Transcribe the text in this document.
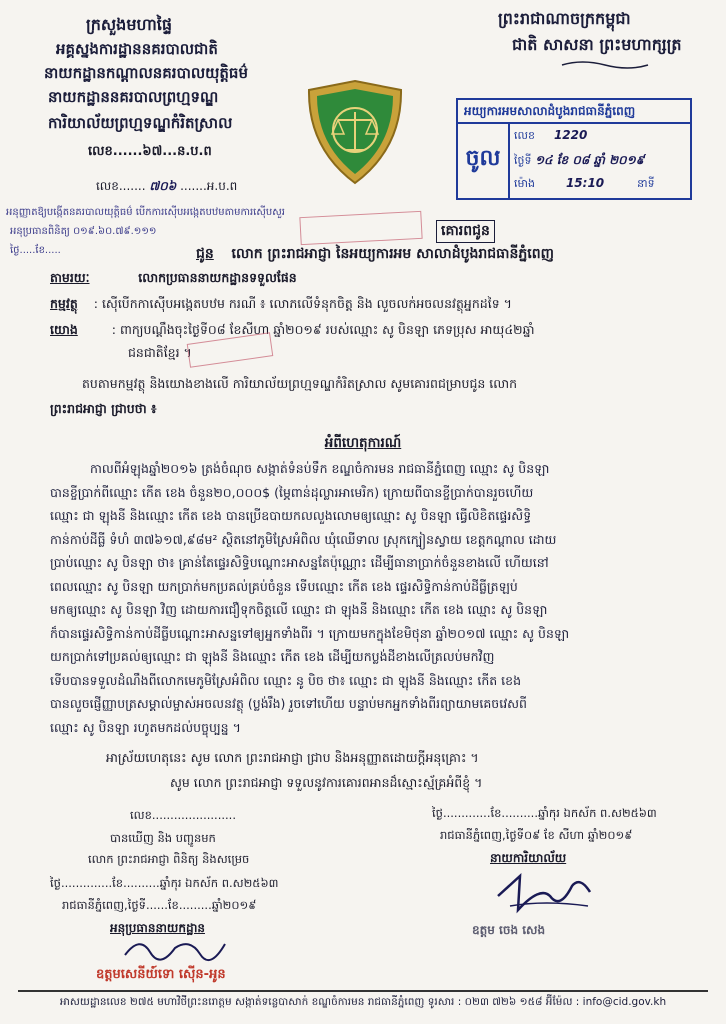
ក្រសួងមហាផ្ទៃ
អគ្គស្នងការដ្ឋាននគរបាលជាតិ
នាយកដ្ឋានកណ្តាលនគរបាលយុត្តិធម៌
នាយកដ្ឋាននគរបាលព្រហ្មទណ្ឌ
ការិយាល័យព្រហ្មទណ្ឌកំរិតស្រាល
លេខ......៦៧...ន.ប.ព
ព្រះរាជាណាចក្រកម្ពុជា
ជាតិ សាសនា ព្រះមហាក្សត្រ
អយ្យការអមសាលាដំបូងរាជធានីភ្នំពេញ
ចូល
លេខ 1220
ថ្ងៃទី ១៤ ខែ ០៨ ឆ្នាំ ២០១៩
ម៉ោង	15:10	នាទី
លេខ....... ៧០៦ .......អ.ប.ព
អនុញ្ញាតឱ្យបង្កើតនគរបាលយុត្តិធម៌ បើកការស៊ើបអង្កេតបឋមតាមការស៊ើបសួរ
អនុប្រធានពិនិត្យ ០១៩.៦០.៧៩.១១១
ថ្ងៃ.....ខែ.....
គោរពជូន
ជូន លោក ព្រះរាជអាជ្ញា នៃអយ្យការអម សាលាដំបូងរាជធានីភ្នំពេញ
តាមរយៈ	លោកប្រធាននាយកដ្ឋានទទួលផែន
កម្មវត្ថុ : ស៊ើបើកកាស៊ើបអង្កេតបឋម ករណី ៖ លោភលើទំនុកចិត្ត និង លួចលក់អចលនវត្ថុអ្នកដទៃ ។
យោង	: ពាក្យបណ្តឹងចុះថ្ងៃទី០៨ ខែសីហា ឆ្នាំ២០១៩ របស់ឈ្មោះ សូ បិនឡា ភេទប្រុស អាយុ៤២ឆ្នាំ
ជនជាតិខ្មែរ ។
តបតាមកម្មវត្ថុ និងយោងខាងលើ ការិយាល័យព្រហ្មទណ្ឌកំរិតស្រាល សូមគោរពជម្រាបជូន លោក
ព្រះរាជអាជ្ញា ជ្រាបថា ៖
អំពីហេតុការណ៍
កាលពីអំឡុងឆ្នាំ២០១៦ ត្រង់ចំណុច សង្កាត់ទំនប់ទឹក ខណ្ឌចំការមន រាជធានីភ្នំពេញ ឈ្មោះ សូ បិនឡា
បានខ្ចីប្រាក់ពីឈ្មោះ កើត ខេង ចំនួន២០,០០០$ (ម្ភៃពាន់ដុល្លារអាមេរិក) ក្រោយពីបានខ្ចីប្រាក់បានរួចហើយ
ឈ្មោះ ជា ឡុងនី និងឈ្មោះ កើត ខេង បានប្រើឧបាយកលលួងលោមឲ្យឈ្មោះ សូ បិនឡា ធ្វើលិខិតផ្ទេរសិទ្ធិ
កាន់កាប់ដីធ្លី ទំហំ ៣៧៦១៧,៩៨ម² ស្ថិតនៅភូមិស្រែអំពិល ឃុំឈើទាល ស្រុកក្បៀនស្វាយ ខេត្តកណ្តាល ដោយ
ប្រាប់ឈ្មោះ សូ បិនឡា ថា៖ គ្រាន់តែផ្ទេរសិទ្ធិបណ្តោះអាសន្នតែប៉ុណ្ណោះ ដើម្បីធានាប្រាក់ចំនួនខាងលើ ហើយនៅ
ពេលឈ្មោះ សូ បិនឡា យកប្រាក់មកប្រគល់គ្រប់ចំនួន ទើបឈ្មោះ កើត ខេង ផ្ទេរសិទ្ធិកាន់កាប់ដីធ្លីត្រឡប់
មកឲ្យឈ្មោះ សូ បិនឡា វិញ ដោយការជឿទុកចិត្តលើ ឈ្មោះ ជា ឡុងនី និងឈ្មោះ កើត ខេង ឈ្មោះ សូ បិនឡា
ក៏បានផ្ទេរសិទ្ធិកាន់កាប់ដីធ្លីបណ្តោះអាសន្នទៅឲ្យអ្នកទាំងពីរ ។ ក្រោយមកក្នុងខែមិថុនា ឆ្នាំ២០១៧ ឈ្មោះ សូ បិនឡា
យកប្រាក់ទៅប្រគល់ឲ្យឈ្មោះ ជា ឡុងនី និងឈ្មោះ កើត ខេង ដើម្បីយកប្លង់ដីខាងលើត្រលប់មកវិញ
ទើបបានទទួលដំណឹងពីលោកមេភូមិស្រែអំពិល ឈ្មោះ នូ បិច ថា៖ ឈ្មោះ ជា ឡុងនី និងឈ្មោះ កើត ខេង
បានលួចផ្ញើញ្ញាបត្រសម្គាល់ម្ចាស់អចលនវត្ថុ (ប្លង់រឹង) រួចទៅហើយ បន្ទាប់មកអ្នកទាំងពីរព្យាយាមគេចវេសពី
ឈ្មោះ សូ បិនឡា រហូតមកដល់បច្ចុប្បន្ន ។
អាស្រ័យហេតុនេះ សូម លោក ព្រះរាជអាជ្ញា ជ្រាប និងអនុញ្ញាតដោយក្តីអនុគ្រោះ ។
សូម លោក ព្រះរាជអាជ្ញា ទទួលនូវការគោរពអានដ៏ស្មោះស្ម័គ្រអំពីខ្ញុំ ។
លេខ.......................
បានឃើញ និង បញ្ជូនមក
លោក ព្រះរាជអាជ្ញា ពិនិត្យ និងសម្រេច
ថ្ងៃ..............ខែ..........ឆ្នាំកុរ ឯកស័ក ព.ស២៥៦៣
រាជធានីភ្នំពេញ,ថ្ងៃទី......ខែ.........ឆ្នាំ២០១៩
អនុប្រធាននាយកដ្ឋាន
ឧត្តមសេនីយ៍ទោ ស៊ើន-អូន
ថ្ងៃ.............ខែ..........ឆ្នាំកុរ ឯកស័ក ព.ស២៥៦៣
រាជធានីភ្នំពេញ,ថ្ងៃទី០៩ ខែ សីហា ឆ្នាំ២០១៩
នាយការិយាល័យ
ឧត្តម ចេង សេង
អាសយដ្ឋានលេខ ២៧៥ មហាវិថីព្រះនរោត្តម សង្កាត់ទន្លេបាសាក់ ខណ្ឌចំការមន រាជធានីភ្នំពេញ ទូរសារ : ០២៣ ៧២៦ ១៥៨ អ៊ីម៉ែល : info@cid.gov.kh
